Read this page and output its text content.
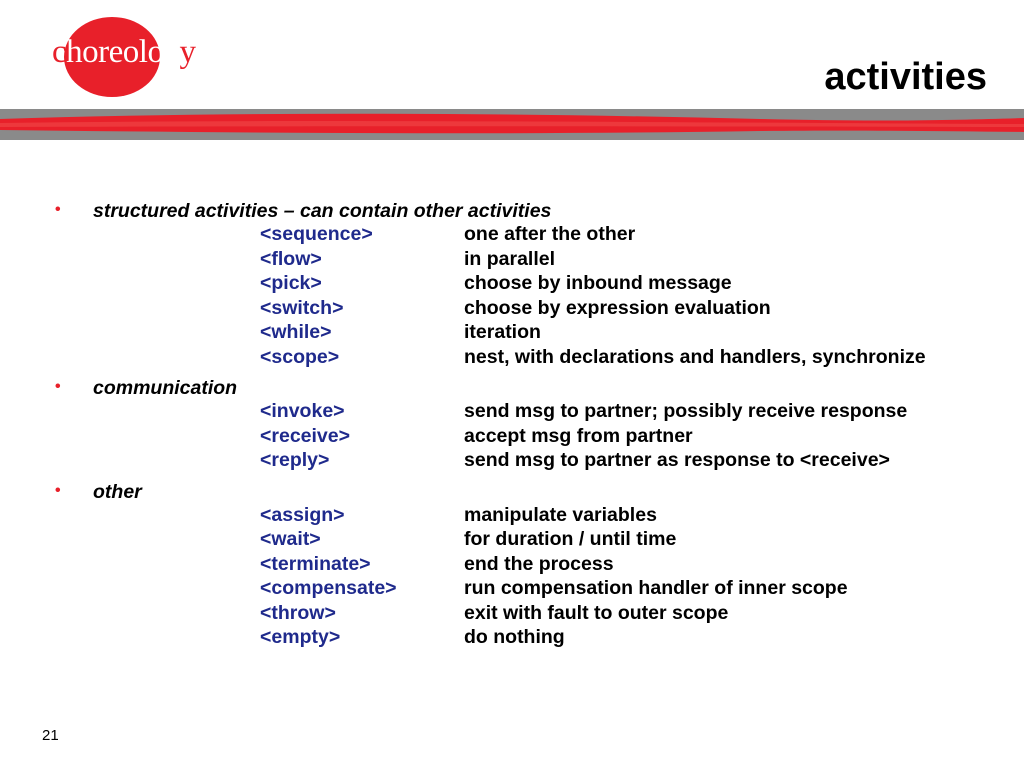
choreology
activities
• structured activities – can contain other activities
<sequence>	one after the other
<flow>	in parallel
<pick>	choose by inbound message
<switch>	choose by expression evaluation
<while>	iteration
<scope>	nest, with declarations and handlers, synchronize
• communication
<invoke>	send msg to partner; possibly receive response
<receive>	accept msg from partner
<reply>	send msg to partner as response to <receive>
• other
<assign>	manipulate variables
<wait>	for duration / until time
<terminate>	end the process
<compensate>	run compensation handler of inner scope
<throw>	exit with fault to outer scope
<empty>	do nothing
21
